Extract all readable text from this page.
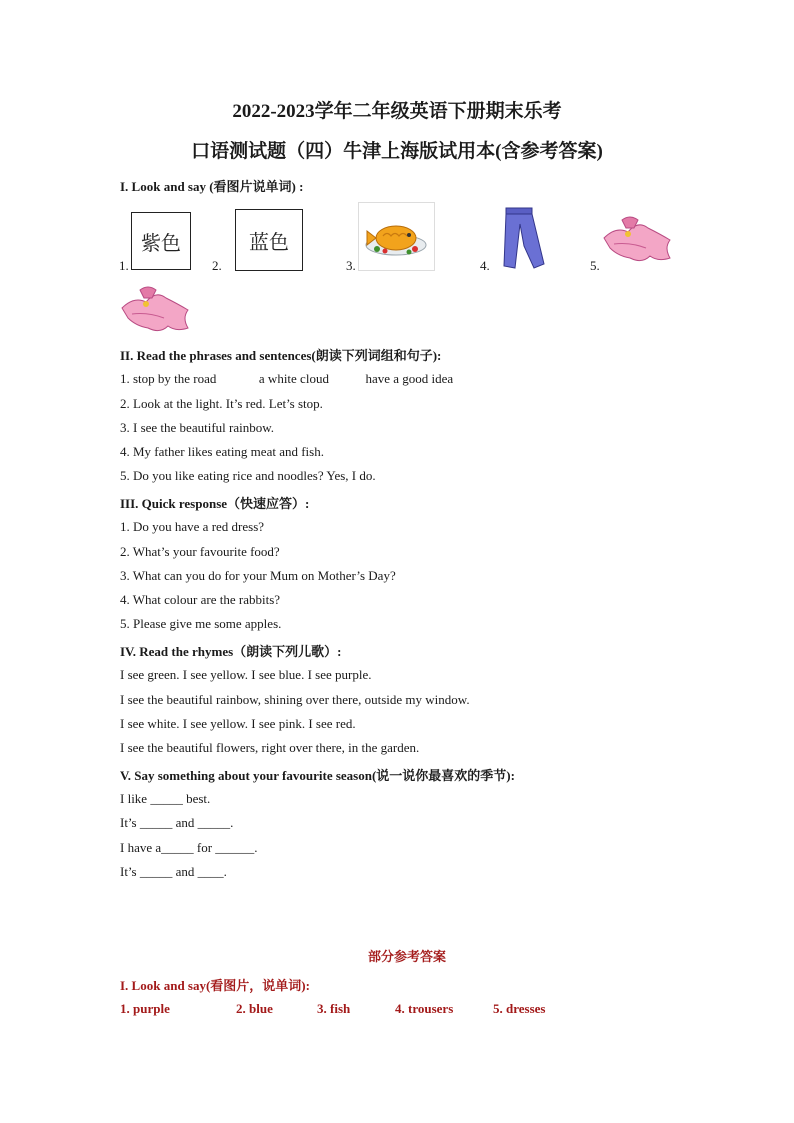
2022-2023学年二年级英语下册期末乐考
口语测试题（四）牛津上海版试用本(含参考答案)
I. Look and say (看图片说单词) :
1.
紫色
2.
蓝色
3.	4.	5.
II. Read the phrases and sentences(朗读下列词组和句子):
1. stop by the road	a white cloud	have a good idea
2. Look at the light. It’s red. Let’s stop.
3. I see the beautiful rainbow.
4. My father likes eating meat and fish.
5. Do you like eating rice and noodles? Yes, I do.
III. Quick response（快速应答）:
1. Do you have a red dress?
2. What’s your favourite food?
3. What can you do for your Mum on Mother’s Day?
4. What colour are the rabbits?
5. Please give me some apples.
IV. Read the rhymes（朗读下列儿歌）:
I see green. I see yellow. I see blue. I see purple.
I see the beautiful rainbow, shining over there, outside my window.
I see white. I see yellow. I see pink. I see red.
I see the beautiful flowers, right over there, in the garden.
V. Say something about your favourite season(说一说你最喜欢的季节):
I like _____ best.
It’s _____ and _____.
I have a_____ for ______.
It’s _____ and ____.
部分参考答案
I. Look and say(看图片，说单词):
1. purple	2. blue	3. fish	4. trousers	5. dresses
